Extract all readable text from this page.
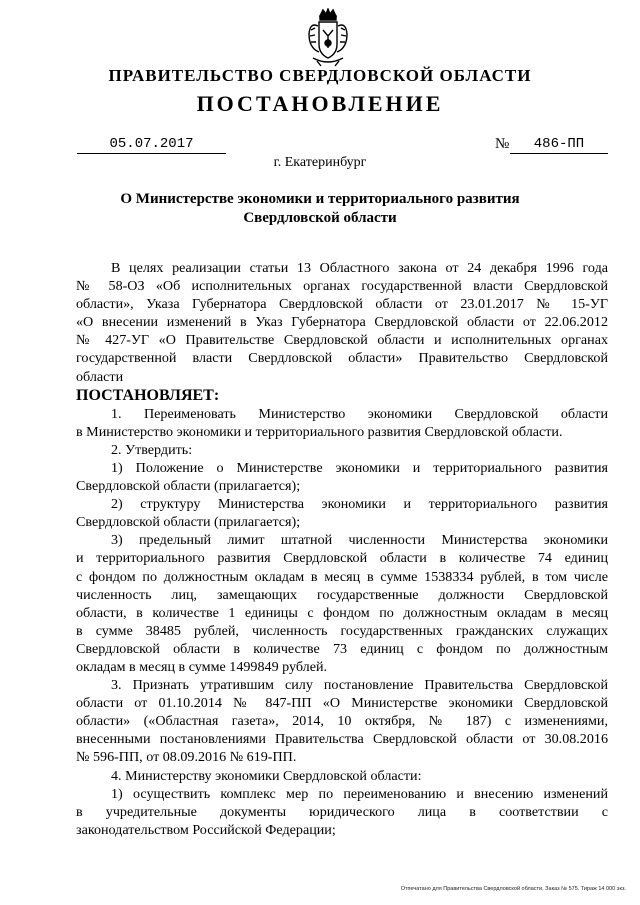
ПРАВИТЕЛЬСТВО СВЕРДЛОВСКОЙ ОБЛАСТИ
ПОСТАНОВЛЕНИЕ
05.07.2017	№	486-ПП
г. Екатеринбург
О Министерстве экономики и территориального развития
Свердловской области

В целях реализации статьи 13 Областного закона от 24 декабря 1996 года

№ 58-ОЗ «Об исполнительных органах государственной власти Свердловской

области», Указа Губернатора Свердловской области от 23.01.2017 № 15-УГ

«О внесении изменений в Указ Губернатора Свердловской области от 22.06.2012

№ 427-УГ «О Правительстве Свердловской области и исполнительных органах

государственной власти Свердловской области» Правительство Свердловской

области

ПОСТАНОВЛЯЕТ:

1. Переименовать Министерство экономики Свердловской области

в Министерство экономики и территориального развития Свердловской области.

2. Утвердить:

1) Положение о Министерстве экономики и территориального развития

Свердловской области (прилагается);

2) структуру Министерства экономики и территориального развития

Свердловской области (прилагается);

3) предельный лимит штатной численности Министерства экономики

и территориального развития Свердловской области в количестве 74 единиц

с фондом по должностным окладам в месяц в сумме 1538334 рублей, в том числе

численность лиц, замещающих государственные должности Свердловской

области, в количестве 1 единицы с фондом по должностным окладам в месяц

в сумме 38485 рублей, численность государственных гражданских служащих

Свердловской области в количестве 73 единиц с фондом по должностным

окладам в месяц в сумме 1499849 рублей.

3. Признать утратившим силу постановление Правительства Свердловской

области от 01.10.2014 № 847-ПП «О Министерстве экономики Свердловской

области» («Областная газета», 2014, 10 октября, № 187) с изменениями,

внесенными постановлениями Правительства Свердловской области от 30.08.2016

№ 596-ПП, от 08.09.2016 № 619-ПП.

4. Министерству экономики Свердловской области:

1) осуществить комплекс мер по переименованию и внесению изменений

в учредительные документы юридического лица в соответствии с

законодательством Российской Федерации;

Отпечатано для Правительства Свердловской области. Заказ № 575. Тираж 14 000 экз.
